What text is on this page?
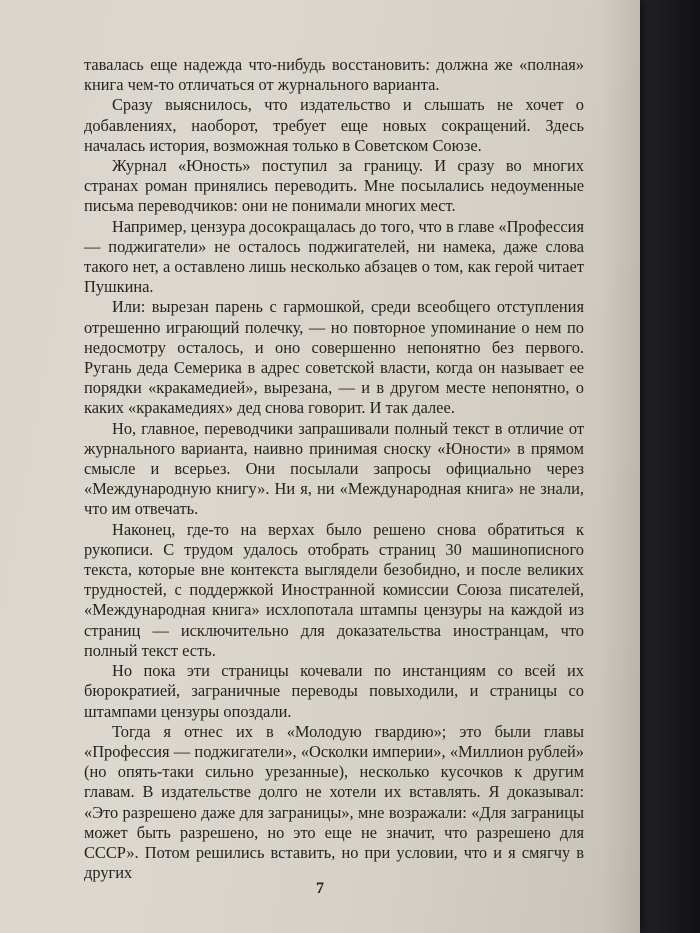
тавалась еще надежда что-нибудь восстановить: должна же «полная» книга чем-то отличаться от журнального варианта.

Сразу выяснилось, что издательство и слышать не хочет о добавлениях, наоборот, требует еще новых сокращений. Здесь началась история, возможная только в Советском Союзе.

Журнал «Юность» поступил за границу. И сразу во многих странах роман принялись переводить. Мне посылались недоуменные письма переводчиков: они не понимали многих мест.

Например, цензура досокращалась до того, что в главе «Профессия — поджигатели» не осталось поджигателей, ни намека, даже слова такого нет, а оставлено лишь несколько абзацев о том, как герой читает Пушкина.

Или: вырезан парень с гармошкой, среди всеобщего отступления отрешенно играющий полечку, — но повторное упоминание о нем по недосмотру осталось, и оно совершенно непонятно без первого. Ругань деда Семерика в адрес советской власти, когда он называет ее порядки «кракамедией», вырезана, — и в другом месте непонятно, о каких «кракамедиях» дед снова говорит. И так далее.

Но, главное, переводчики запрашивали полный текст в отличие от журнального варианта, наивно принимая сноску «Юности» в прямом смысле и всерьез. Они посылали запросы официально через «Международную книгу». Ни я, ни «Международная книга» не знали, что им отвечать.

Наконец, где-то на верхах было решено снова обратиться к рукописи. С трудом удалось отобрать страниц 30 машинописного текста, которые вне контекста выглядели безобидно, и после великих трудностей, с поддержкой Иностранной комиссии Союза писателей, «Международная книга» исхлопотала штампы цензуры на каждой из страниц — исключительно для доказательства иностранцам, что полный текст есть.

Но пока эти страницы кочевали по инстанциям со всей их бюрократией, заграничные переводы повыходили, и страницы со штампами цензуры опоздали.

Тогда я отнес их в «Молодую гвардию»; это были главы «Профессия — поджигатели», «Осколки империи», «Миллион рублей» (но опять-таки сильно урезанные), несколько кусочков к другим главам. В издательстве долго не хотели их вставлять. Я доказывал: «Это разрешено даже для заграницы», мне возражали: «Для заграницы может быть разрешено, но это еще не значит, что разрешено для СССР». Потом решились вставить, но при условии, что и я смягчу в других

7
